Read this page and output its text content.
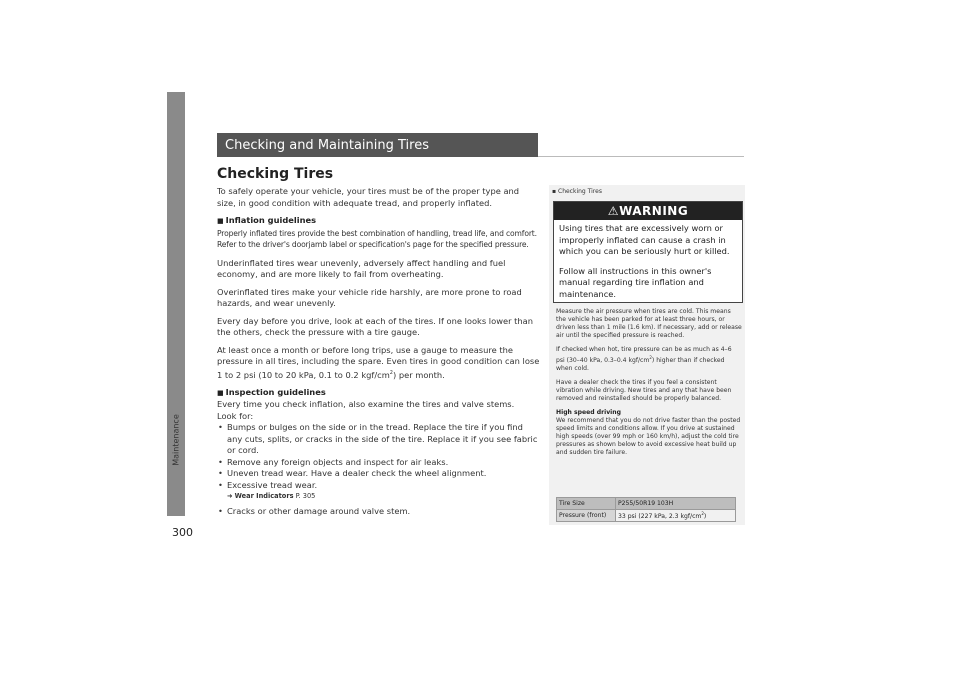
Maintenance
300
Checking and Maintaining Tires
Checking Tires

To safely operate your vehicle, your tires must be of the proper type and size, in good condition with adequate tread, and properly inflated.

■ Inflation guidelines

Properly inflated tires provide the best combination of handling, tread life, and comfort. Refer to the driver's doorjamb label or specification's page for the specified pressure.

Underinflated tires wear unevenly, adversely affect handling and fuel economy, and are more likely to fail from overheating.

Overinflated tires make your vehicle ride harshly, are more prone to road hazards, and wear unevenly.

Every day before you drive, look at each of the tires. If one looks lower than the others, check the pressure with a tire gauge.

At least once a month or before long trips, use a gauge to measure the pressure in all tires, including the spare. Even tires in good condition can lose 1 to 2 psi (10 to 20 kPa, 0.1 to 0.2 kgf/$cm^2$) per month.

■ Inspection guidelines

Every time you check inflation, also examine the tires and valve stems.
Look for:
• Bumps or bulges on the side or in the tread. Replace the tire if you find any cuts, splits, or cracks in the side of the tire. Replace it if you see fabric or cord.
• Remove any foreign objects and inspect for air leaks.
• Uneven tread wear. Have a dealer check the wheel alignment.
• Excessive tread wear.
➜ Wear Indicators P. 305
• Cracks or other damage around valve stem.
▪ Checking Tires
⚠WARNING

Using tires that are excessively worn or improperly inflated can cause a crash in which you can be seriously hurt or killed.

Follow all instructions in this owner's manual regarding tire inflation and maintenance.

Measure the air pressure when tires are cold. This means the vehicle has been parked for at least three hours, or driven less than 1 mile (1.6 km). If necessary, add or release air until the specified pressure is reached.

If checked when hot, tire pressure can be as much as 4–6 psi (30–40 kPa, 0.3–0.4 kgf/$cm^2$) higher than if checked when cold.

Have a dealer check the tires if you feel a consistent vibration while driving. New tires and any that have been removed and reinstalled should be properly balanced.

High speed driving

We recommend that you do not drive faster than the posted speed limits and conditions allow. If you drive at sustained high speeds (over 99 mph or 160 km/h), adjust the cold tire pressures as shown below to avoid excessive heat build up and sudden tire failure.

Tire Size	P255/50R19 103H
Pressure (front)	33 psi (227 kPa, 2.3 kgf/$cm^2$)
